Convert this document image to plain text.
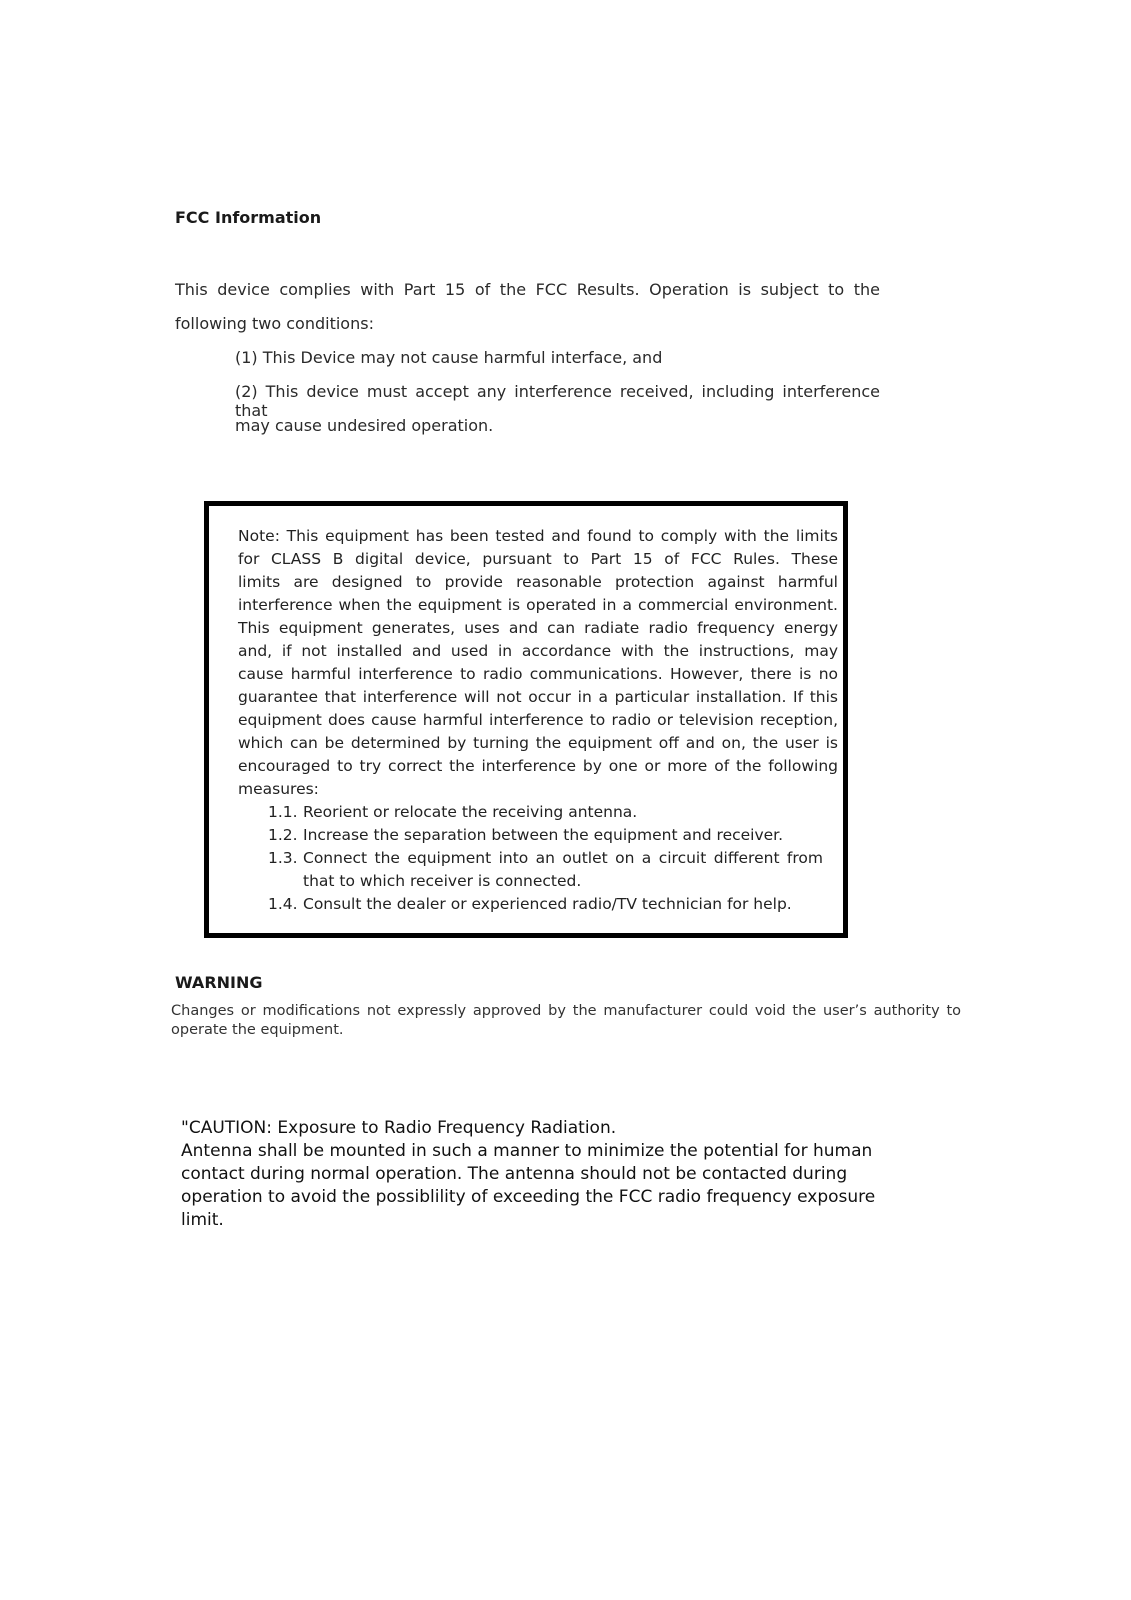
FCC Information
This device complies with Part 15 of the FCC Results. Operation is subject to the
following two conditions:
(1) This Device may not cause harmful interface, and
(2) This device must accept any interference received, including interference that
may cause undesired operation.
Note: This equipment has been tested and found to comply with the limits
for CLASS B digital device, pursuant to Part 15 of FCC Rules. These
limits are designed to provide reasonable protection against harmful
interference when the equipment is operated in a commercial environment.
This equipment generates, uses and can radiate radio frequency energy
and, if not installed and used in accordance with the instructions, may
cause harmful interference to radio communications. However, there is no
guarantee that interference will not occur in a particular installation. If this
equipment does cause harmful interference to radio or television reception,
which can be determined by turning the equipment off and on, the user is
encouraged to try correct the interference by one or more of the following
measures:
1.1. Reorient or relocate the receiving antenna.
1.2. Increase the separation between the equipment and receiver.
1.3. Connect the equipment into an outlet on a circuit different from
that to which receiver is connected.
1.4. Consult the dealer or experienced radio/TV technician for help.
WARNING
Changes or modifications not expressly approved by the manufacturer could void the user’s authority to
operate the equipment.
"CAUTION: Exposure to Radio Frequency Radiation.
Antenna shall be mounted in such a manner to minimize the potential for human
contact during normal operation. The antenna should not be contacted during
operation to avoid the possiblility of exceeding the FCC radio frequency exposure
limit.
